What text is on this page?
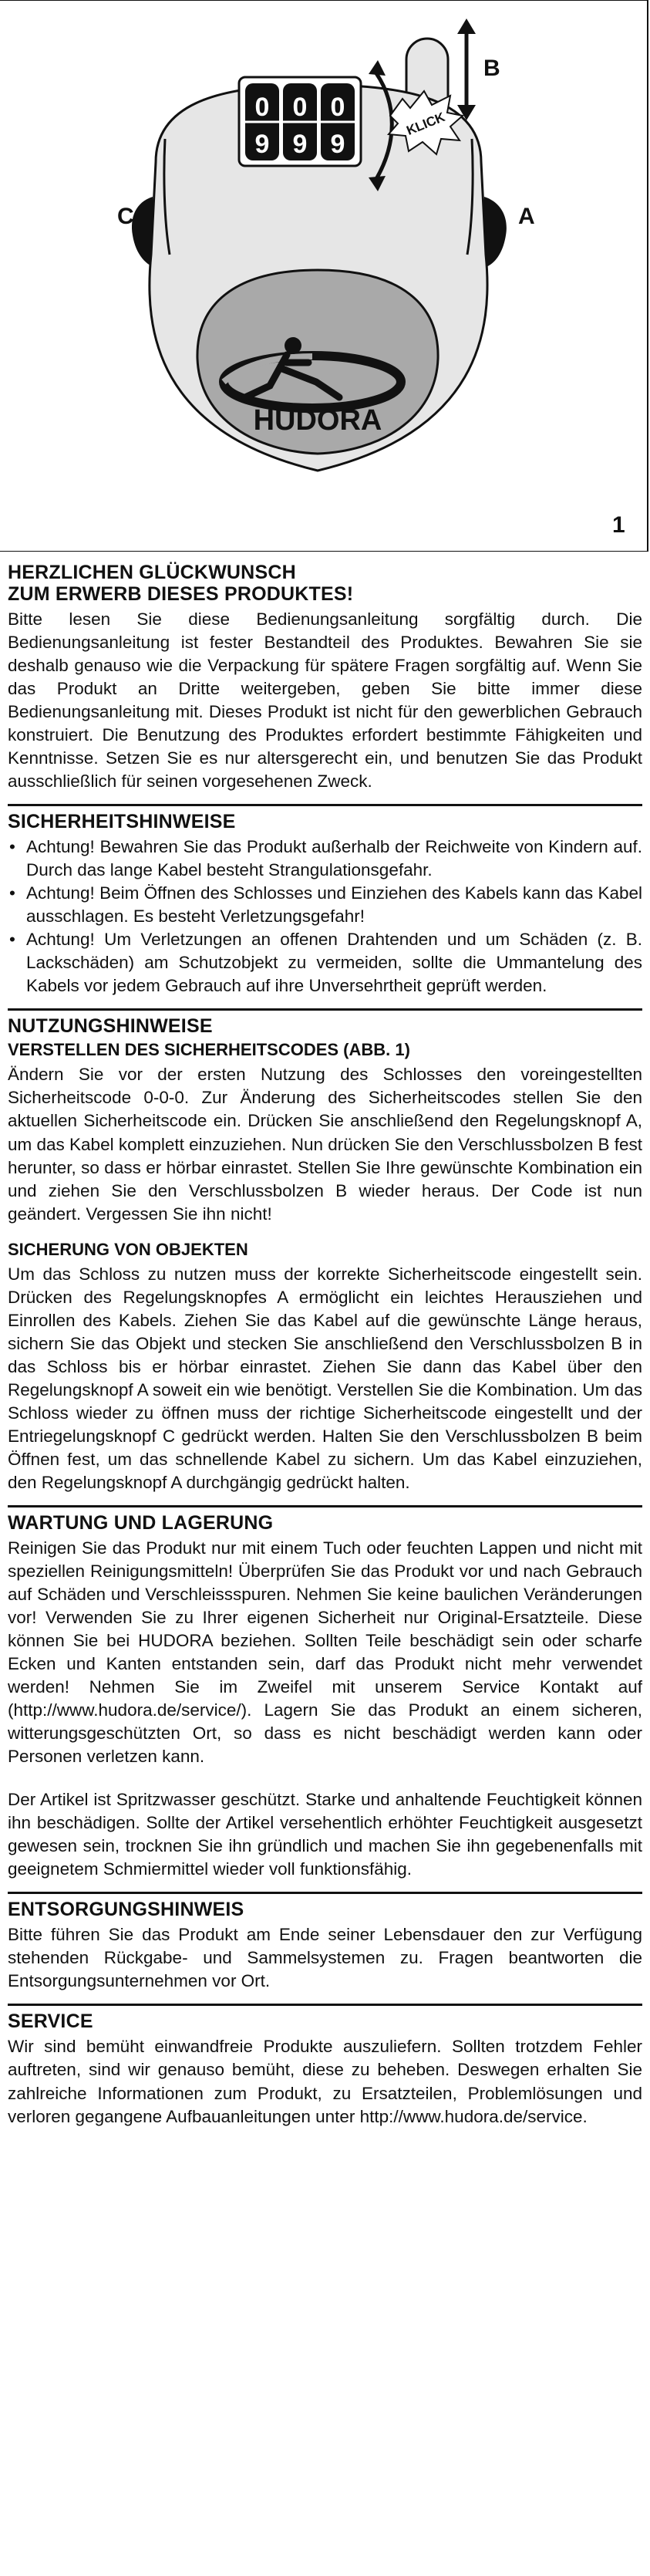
HUDORA
0
9
0
9
0
9
B
KLICK
C	A
1
HERZLICHEN GLÜCKWUNSCH
ZUM ERWERB DIESES PRODUKTES!

Bitte lesen Sie diese Bedienungsanleitung sorgfältig durch. Die Bedienungsanleitung ist fester Bestandteil des Produktes. Bewahren Sie sie deshalb genauso wie die Verpackung für spätere Fragen sorgfältig auf. Wenn Sie das Produkt an Dritte weitergeben, geben Sie bitte immer diese Bedienungsanleitung mit. Dieses Produkt ist nicht für den gewerblichen Gebrauch konstruiert. Die Benutzung des Produktes erfordert bestimmte Fähigkeiten und Kenntnisse. Setzen Sie es nur altersgerecht ein, und benutzen Sie das Produkt ausschließlich für seinen vorgesehenen Zweck.

SICHERHEITSHINWEISE
• Achtung! Bewahren Sie das Produkt außerhalb der Reichweite von Kindern auf. Durch das lange Kabel besteht Strangulationsgefahr.
• Achtung! Beim Öffnen des Schlosses und Einziehen des Kabels kann das Kabel ausschlagen. Es besteht Verletzungsgefahr!
• Achtung! Um Verletzungen an offenen Drahtenden und um Schäden (z. B. Lackschäden) am Schutzobjekt zu vermeiden, sollte die Ummantelung des Kabels vor jedem Gebrauch auf ihre Unversehrtheit geprüft werden.
NUTZUNGSHINWEISE
VERSTELLEN DES SICHERHEITSCODES (ABB. 1)

Ändern Sie vor der ersten Nutzung des Schlosses den voreingestellten Sicherheitscode 0-0-0. Zur Änderung des Sicherheitscodes stellen Sie den aktuellen Sicherheitscode ein. Drücken Sie anschließend den Regelungsknopf A, um das Kabel komplett einzuziehen. Nun drücken Sie den Verschlussbolzen B fest herunter, so dass er hörbar einrastet. Stellen Sie Ihre gewünschte Kombination ein und ziehen Sie den Verschlussbolzen B wieder heraus. Der Code ist nun geändert. Vergessen Sie ihn nicht!

SICHERUNG VON OBJEKTEN

Um das Schloss zu nutzen muss der korrekte Sicherheitscode eingestellt sein. Drücken des Regelungsknopfes A ermöglicht ein leichtes Herausziehen und Einrollen des Kabels. Ziehen Sie das Kabel auf die gewünschte Länge heraus, sichern Sie das Objekt und stecken Sie anschließend den Verschlussbolzen B in das Schloss bis er hörbar einrastet. Ziehen Sie dann das Kabel über den Regelungsknopf A soweit ein wie benötigt. Verstellen Sie die Kombination. Um das Schloss wieder zu öffnen muss der richtige Sicherheitscode eingestellt und der Entriegelungsknopf C gedrückt werden. Halten Sie den Verschlussbolzen B beim Öffnen fest, um das schnellende Kabel zu sichern. Um das Kabel einzuziehen, den Regelungsknopf A durchgängig gedrückt halten.

WARTUNG UND LAGERUNG

Reinigen Sie das Produkt nur mit einem Tuch oder feuchten Lappen und nicht mit speziellen Reinigungsmitteln! Überprüfen Sie das Produkt vor und nach Gebrauch auf Schäden und Verschleissspuren. Nehmen Sie keine baulichen Veränderungen vor! Verwenden Sie zu Ihrer eigenen Sicherheit nur Original-Ersatzteile. Diese können Sie bei HUDORA beziehen. Sollten Teile beschädigt sein oder scharfe Ecken und Kanten entstanden sein, darf das Produkt nicht mehr verwendet werden! Nehmen Sie im Zweifel mit unserem Service Kontakt auf (http://www.hudora.de/service/). Lagern Sie das Produkt an einem sicheren, witterungsgeschützten Ort, so dass es nicht beschädigt werden kann oder Personen verletzen kann.

Der Artikel ist Spritzwasser geschützt. Starke und anhaltende Feuchtigkeit können ihn beschädigen. Sollte der Artikel versehentlich erhöhter Feuchtigkeit ausgesetzt gewesen sein, trocknen Sie ihn gründlich und machen Sie ihn gegebenenfalls mit geeignetem Schmiermittel wieder voll funktionsfähig.

ENTSORGUNGSHINWEIS

Bitte führen Sie das Produkt am Ende seiner Lebensdauer den zur Verfügung stehenden Rückgabe- und Sammelsystemen zu. Fragen beantworten die Entsorgungsunternehmen vor Ort.

SERVICE

Wir sind bemüht einwandfreie Produkte auszuliefern. Sollten trotzdem Fehler auftreten, sind wir genauso bemüht, diese zu beheben. Deswegen erhalten Sie zahlreiche Informationen zum Produkt, zu Ersatzteilen, Problemlösungen und verloren gegangene Aufbauanleitungen unter http://www.hudora.de/service.
